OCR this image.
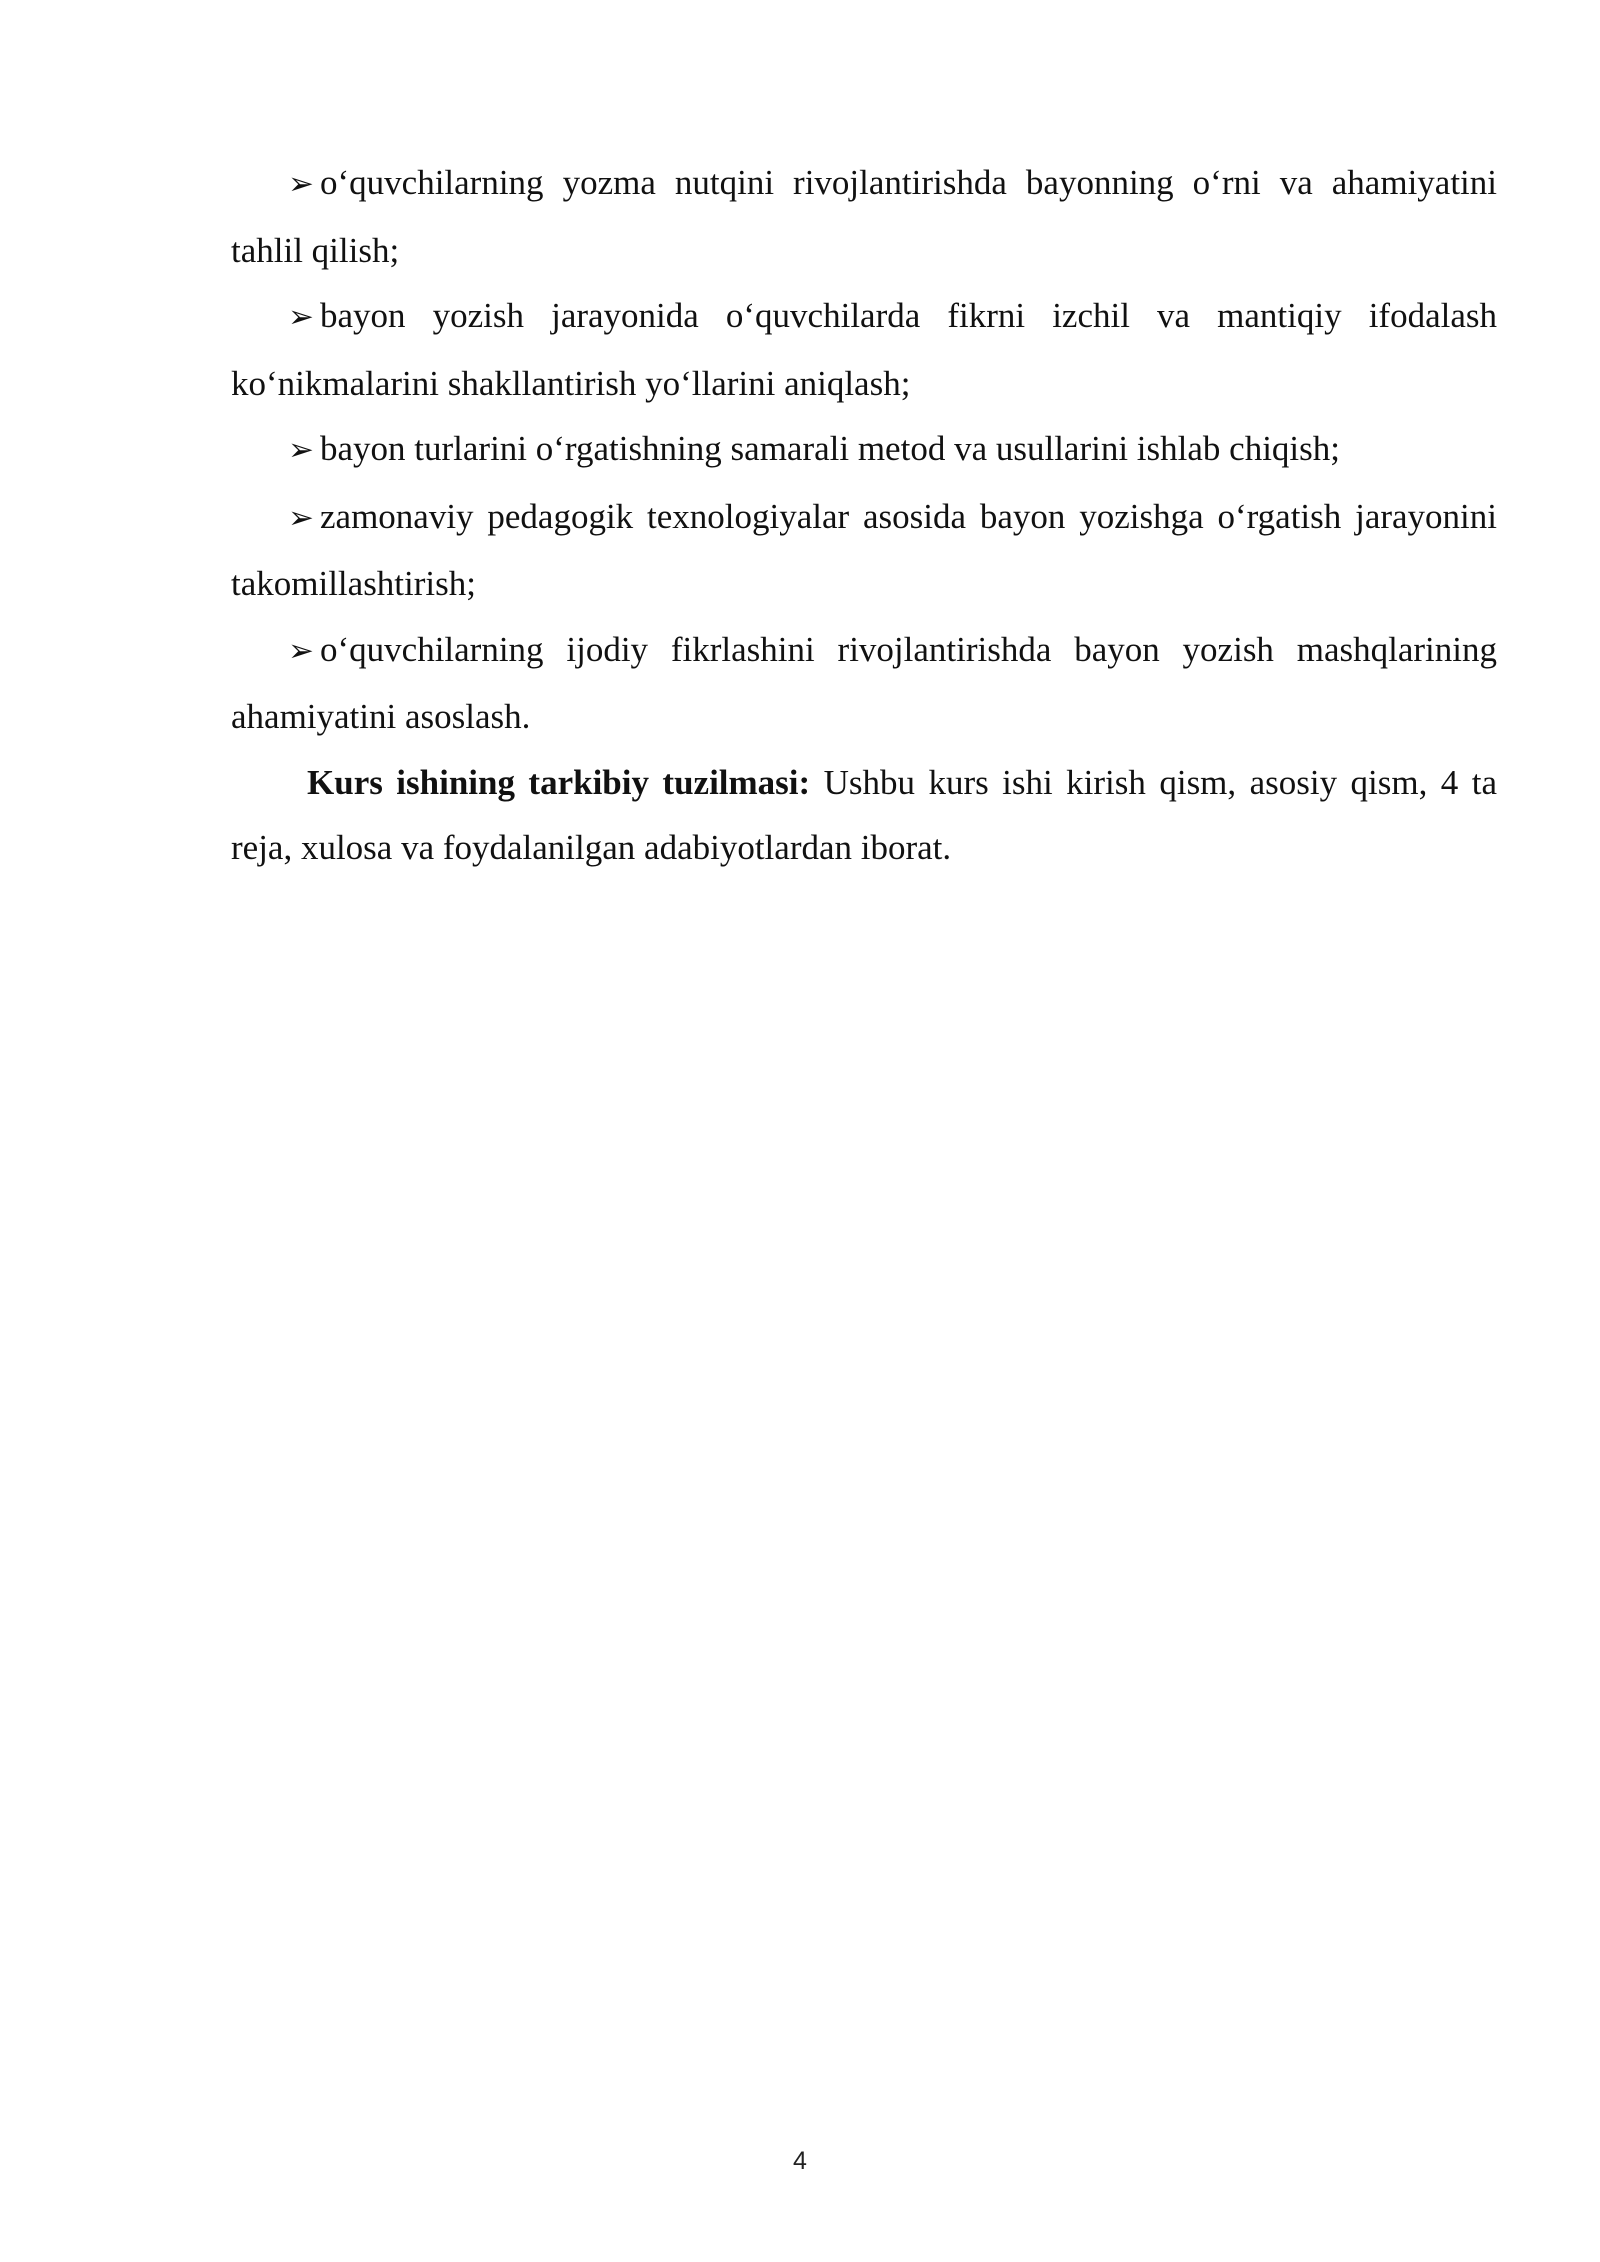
➢ o‘quvchilarning yozma nutqini rivojlantirishda bayonning o‘rni va ahamiyatini tahlil qilish;

➢ bayon yozish jarayonida o‘quvchilarda fikrni izchil va mantiqiy ifodalash ko‘nikmalarini shakllantirish yo‘llarini aniqlash;

➢ bayon turlarini o‘rgatishning samarali metod va usullarini ishlab chiqish;

➢ zamonaviy pedagogik texnologiyalar asosida bayon yozishga o‘rgatish jarayonini takomillashtirish;

➢ o‘quvchilarning ijodiy fikrlashini rivojlantirishda bayon yozish mashqlarining ahamiyatini asoslash.

Kurs ishining tarkibiy tuzilmasi: Ushbu kurs ishi kirish qism, asosiy qism, 4 ta reja, xulosa va foydalanilgan adabiyotlardan iborat.

4
